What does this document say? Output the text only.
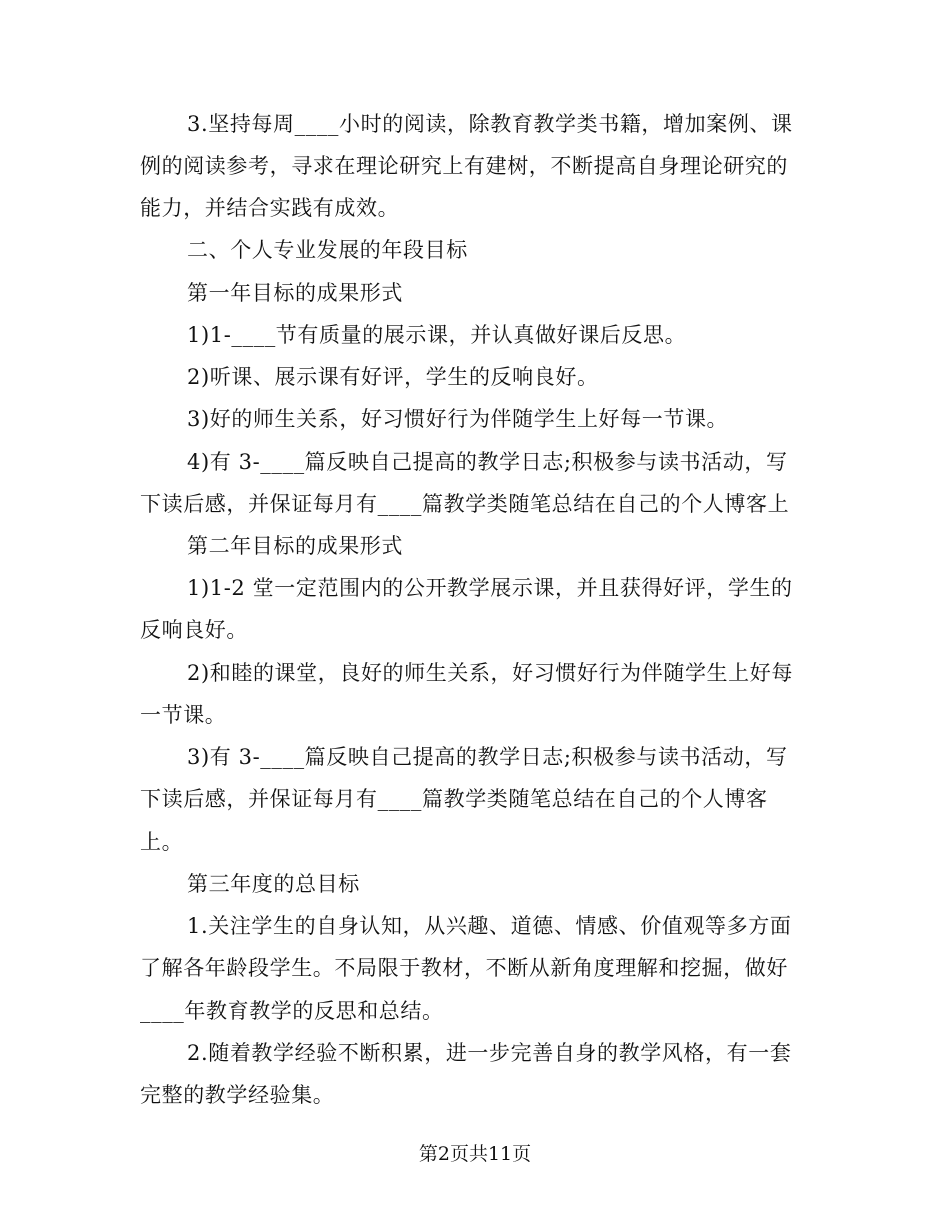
3.坚持每周____小时的阅读，除教育教学类书籍，增加案例、课
例的阅读参考，寻求在理论研究上有建树，不断提高自身理论研究的
能力，并结合实践有成效。
二、个人专业发展的年段目标
第一年目标的成果形式
1)1-____节有质量的展示课，并认真做好课后反思。
2)听课、展示课有好评，学生的反响良好。
3)好的师生关系，好习惯好行为伴随学生上好每一节课。
4)有 3-____篇反映自己提高的教学日志;积极参与读书活动，写
下读后感，并保证每月有____篇教学类随笔总结在自己的个人博客上
第二年目标的成果形式
1)1-2 堂一定范围内的公开教学展示课，并且获得好评，学生的
反响良好。
2)和睦的课堂，良好的师生关系，好习惯好行为伴随学生上好每
一节课。
3)有 3-____篇反映自己提高的教学日志;积极参与读书活动，写
下读后感，并保证每月有____篇教学类随笔总结在自己的个人博客
上。
第三年度的总目标
1.关注学生的自身认知，从兴趣、道德、情感、价值观等多方面
了解各年龄段学生。不局限于教材，不断从新角度理解和挖掘，做好
____年教育教学的反思和总结。
2.随着教学经验不断积累，进一步完善自身的教学风格，有一套
完整的教学经验集。
第2页共11页
